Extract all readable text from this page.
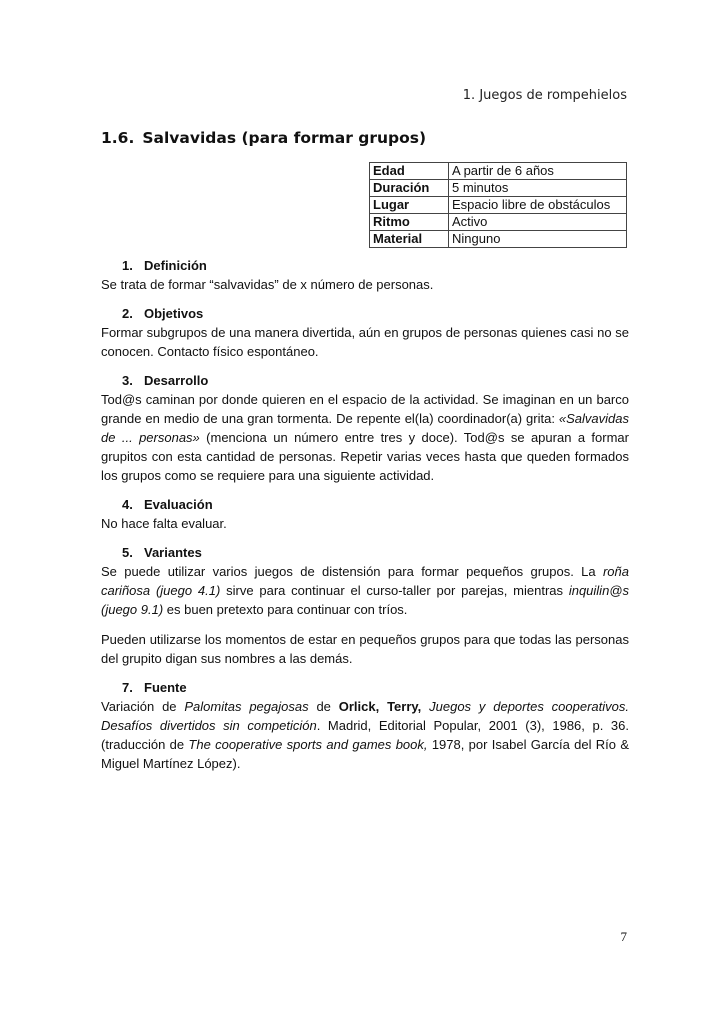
1. Juegos de rompehielos
1.6. Salvavidas (para formar grupos)
Edad	A partir de 6 años
Duración	5 minutos
Lugar	Espacio libre de obstáculos
Ritmo	Activo
Material	Ninguno
1. Definición

Se trata de formar “salvavidas” de x número de personas.

2. Objetivos

Formar subgrupos de una manera divertida, aún en grupos de personas quienes casi no se conocen. Contacto físico espontáneo.

3. Desarrollo

Tod@s caminan por donde quieren en el espacio de la actividad. Se imaginan en un barco grande en medio de una gran tormenta. De repente el(la) coordinador(a) grita: «Salvavidas de ... personas» (menciona un número entre tres y doce). Tod@s se apuran a formar grupitos con esta cantidad de personas. Repetir varias veces hasta que queden formados los grupos como se requiere para una siguiente actividad.

4. Evaluación

No hace falta evaluar.

5. Variantes

Se puede utilizar varios juegos de distensión para formar pequeños grupos. La roña cariñosa (juego 4.1) sirve para continuar el curso-taller por parejas, mientras inquilin@s (juego 9.1) es buen pretexto para continuar con tríos.

Pueden utilizarse los momentos de estar en pequeños grupos para que todas las personas del grupito digan sus nombres a las demás.

7. Fuente

Variación de Palomitas pegajosas de Orlick, Terry, Juegos y deportes cooperativos. Desafíos divertidos sin competición. Madrid, Editorial Popular, 2001 (3), 1986, p. 36. (traducción de The cooperative sports and games book, 1978, por Isabel García del Río & Miguel Martínez López).

7
